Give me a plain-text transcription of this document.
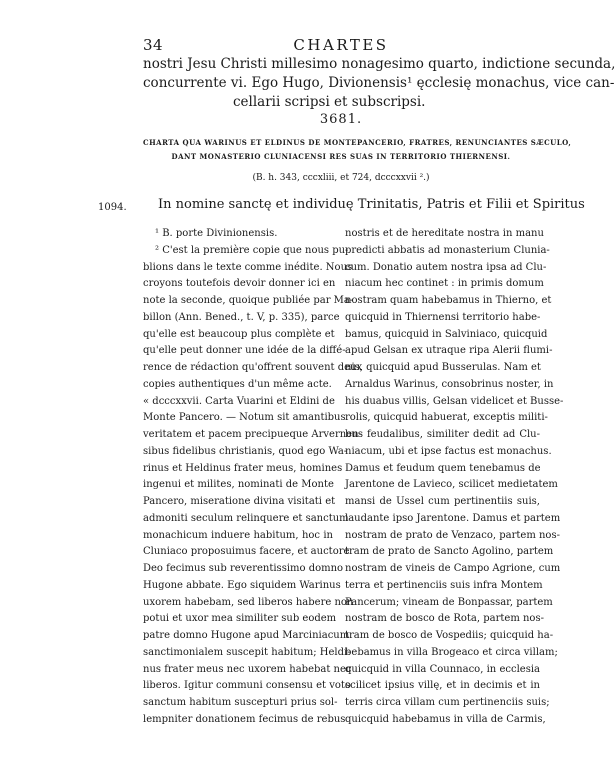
34	CHARTES
nostri Jesu Christi millesimo nonagesimo quarto, indictione secunda,
concurrente vi. Ego Hugo, Divionensis¹ ęcclesię monachus, vice can-
cellarii scripsi et subscripsi.
3681.
CHARTA QUA WARINUS ET ELDINUS DE MONTEPANCERIO, FRATRES, RENUNCIANTES SÆCULO,
DANT MONASTERIO CLUNIACENSI RES SUAS IN TERRITORIO THIERNENSI.
(B. h. 343, cccxliii, et 724, dcccxxvii ².)
1094. In nomine sanctę et individuę Trinitatis, Patris et Filii et Spiritus
¹ B. porte Divinionensis.
² C'est la première copie que nous pu-
blions dans le texte comme inédite. Nous
croyons toutefois devoir donner ici en
note la seconde, quoique publiée par Ma-
billon (Ann. Bened., t. V, p. 335), parce
qu'elle est beaucoup plus complète et
qu'elle peut donner une idée de la diffé-
rence de rédaction qu'offrent souvent deux
copies authentiques d'un même acte.
« dcccxxvii. Carta Vuarini et Eldini de
Monte Pancero. — Notum sit amantibus
veritatem et pacem precipueque Arvernen-
sibus fidelibus christianis, quod ego Wa-
rinus et Heldinus frater meus, homines
ingenui et milites, nominati de Monte
Pancero, miseratione divina visitati et
admoniti seculum relinquere et sanctum
monachicum induere habitum, hoc in
Cluniaco proposuimus facere, et auctore
Deo fecimus sub reverentissimo domno
Hugone abbate. Ego siquidem Warinus
uxorem habebam, sed liberos habere non
potui et uxor mea similiter sub eodem
patre domno Hugone apud Marciniacum
sanctimonialem suscepit habitum; Heldi-
nus frater meus nec uxorem habebat nec
liberos. Igitur communi consensu et voto
sanctum habitum suscepturi prius sol-
lempniter donationem fecimus de rebus
nostris et de hereditate nostra in manu
predicti abbatis ad monasterium Clunia-
cum. Donatio autem nostra ipsa ad Clu-
niacum hec continet : in primis domum
nostram quam habebamus in Thierno, et
quicquid in Thiernensi territorio habe-
bamus, quicquid in Salviniaco, quicquid
apud Gelsan ex utraque ripa Alerii flumi-
nis, quicquid apud Busserulas. Nam et
Arnaldus Warinus, consobrinus noster, in
his duabus villis, Gelsan videlicet et Busse-
rolis, quicquid habuerat, exceptis militi-
bus feudalibus, similiter dedit ad Clu-
niacum, ubi et ipse factus est monachus.
Damus et feudum quem tenebamus de
Jarentone de Lavieco, scilicet medietatem
mansi de Ussel cum pertinentiis suis,
laudante ipso Jarentone. Damus et partem
nostram de prato de Venzaco, partem nos-
tram de prato de Sancto Agolino, partem
nostram de vineis de Campo Agrione, cum
terra et pertinenciis suis infra Montem
Pancerum; vineam de Bonpassar, partem
nostram de bosco de Rota, partem nos-
tram de bosco de Vospediis; quicquid ha-
bebamus in villa Brogeaco et circa villam;
quicquid in villa Counnaco, in ecclesia
scilicet ipsius villę, et in decimis et in
terris circa villam cum pertinenciis suis;
quicquid habebamus in villa de Carmis,
